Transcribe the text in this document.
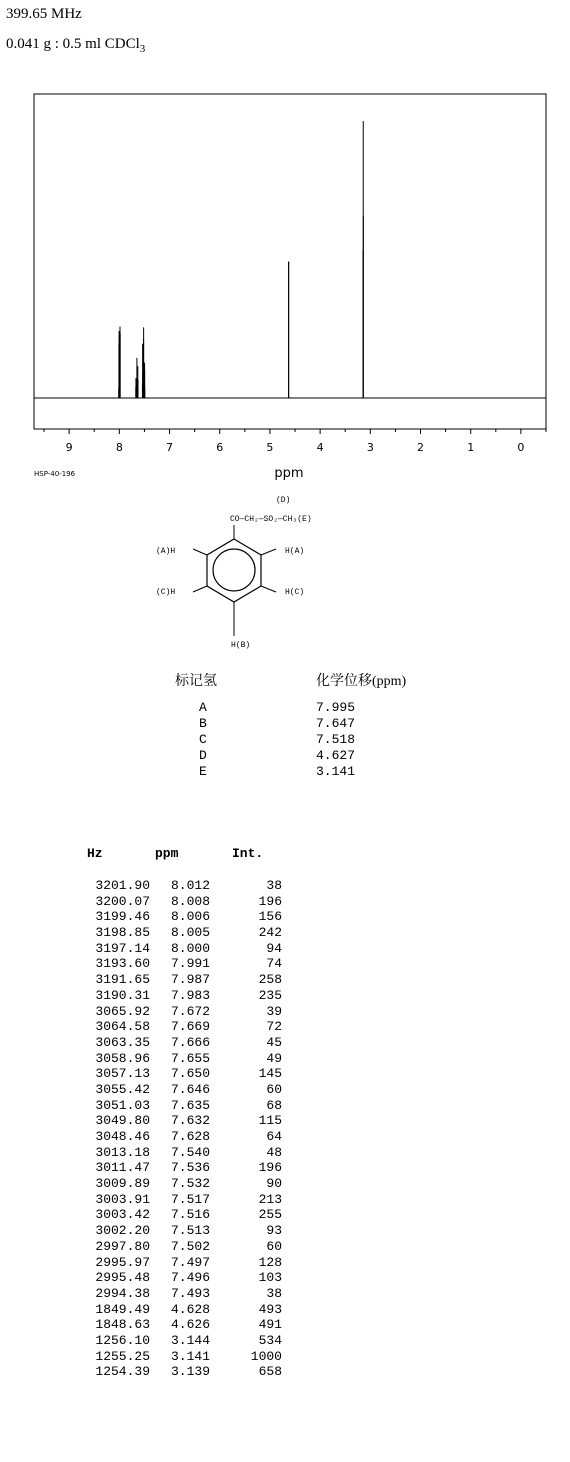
399.65 MHz
0.041 g : 0.5 ml CDCl$_3$
9	8	7	6	5	4	3	2	1	0
ppm
HSP-40-196
(D)
CO—CH₂—SO₂—CH₃(E)
(A)H	H(A)
(C)H	H(C)
H(B)
标记氢	化学位移(ppm)
A	7.995
B	7.647
C	7.518
D	4.627
E	3.141
Hz	ppm	Int.
3201.90	8.012	38
3200.07	8.008	196
3199.46	8.006	156
3198.85	8.005	242
3197.14	8.000	94
3193.60	7.991	74
3191.65	7.987	258
3190.31	7.983	235
3065.92	7.672	39
3064.58	7.669	72
3063.35	7.666	45
3058.96	7.655	49
3057.13	7.650	145
3055.42	7.646	60
3051.03	7.635	68
3049.80	7.632	115
3048.46	7.628	64
3013.18	7.540	48
3011.47	7.536	196
3009.89	7.532	90
3003.91	7.517	213
3003.42	7.516	255
3002.20	7.513	93
2997.80	7.502	60
2995.97	7.497	128
2995.48	7.496	103
2994.38	7.493	38
1849.49	4.628	493
1848.63	4.626	491
1256.10	3.144	534
1255.25	3.141	1000
1254.39	3.139	658
